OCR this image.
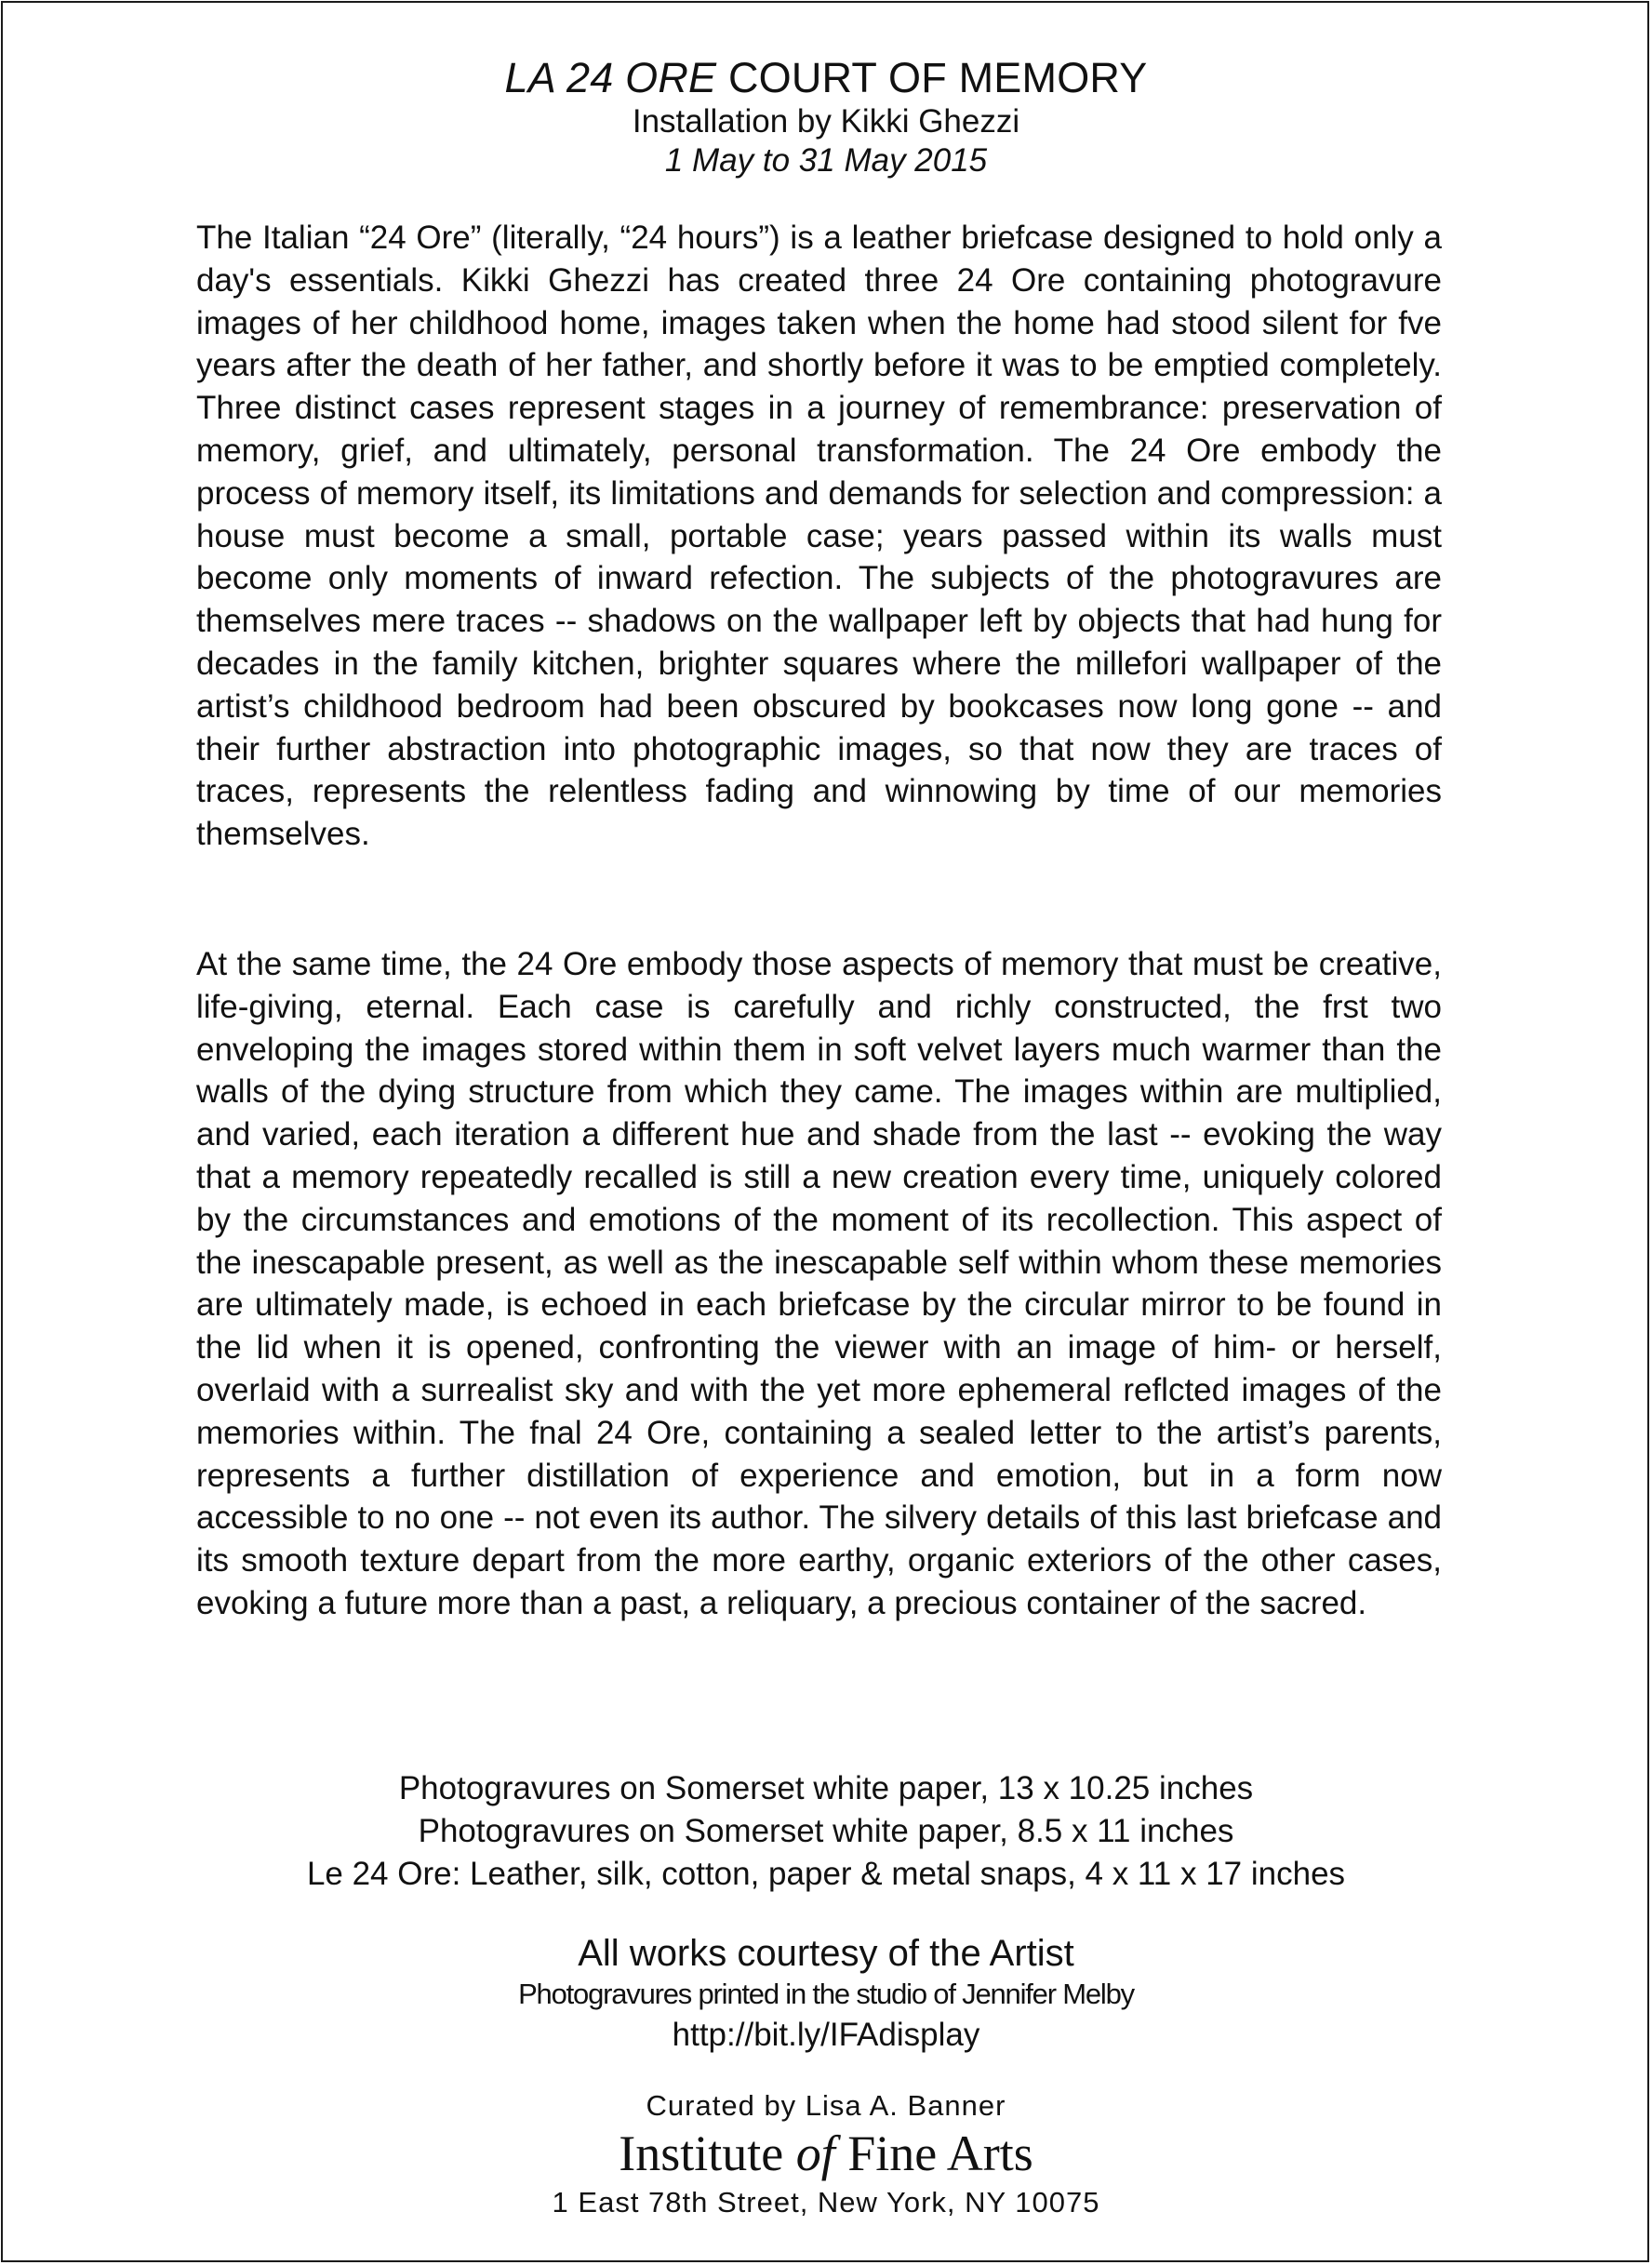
LA 24 ORE COURT OF MEMORY
Installation by Kikki Ghezzi
1 May to 31 May 2015

The Italian “24 Ore” (literally, “24 hours”) is a leather briefcase designed to hold only a day's essentials. Kikki Ghezzi has created three 24 Ore containing photogravure images of her childhood home, images taken when the home had stood silent for fve years after the death of her father, and shortly before it was to be emptied completely. Three distinct cases represent stages in a journey of remembrance: preservation of memory, grief, and ultimately, personal transformation. The 24 Ore embody the process of memory itself, its limitations and demands for selection and compression: a house must become a small, portable case; years passed within its walls must become only moments of inward refection. The subjects of the photogravures are themselves mere traces -- shadows on the wallpaper left by objects that had hung for decades in the family kitchen, brighter squares where the millefori wallpaper of the artist’s childhood bedroom had been obscured by bookcases now long gone -- and their further abstraction into photographic images, so that now they are traces of traces, represents the relentless fading and winnowing by time of our memories themselves.

At the same time, the 24 Ore embody those aspects of memory that must be creative, life-giving, eternal. Each case is carefully and richly constructed, the frst two enveloping the images stored within them in soft velvet layers much warmer than the walls of the dying structure from which they came. The images within are multiplied, and varied, each iteration a different hue and shade from the last -- evoking the way that a memory repeatedly recalled is still a new creation every time, uniquely colored by the circumstances and emotions of the moment of its recollection. This aspect of the inescapable present, as well as the inescapable self within whom these memories are ultimately made, is echoed in each briefcase by the circular mirror to be found in the lid when it is opened, confronting the viewer with an image of him- or herself, overlaid with a surrealist sky and with the yet more ephemeral reflcted images of the memories within. The fnal 24 Ore, containing a sealed letter to the artist’s parents, represents a further distillation of experience and emotion, but in a form now accessible to no one -- not even its author. The silvery details of this last briefcase and its smooth texture depart from the more earthy, organic exteriors of the other cases, evoking a future more than a past, a reliquary, a precious container of the sacred.

Photogravures on Somerset white paper, 13 x 10.25 inches
Photogravures on Somerset white paper, 8.5 x 11 inches
Le 24 Ore: Leather, silk, cotton, paper & metal snaps, 4 x 11 x 17 inches
All works courtesy of the Artist
Photogravures printed in the studio of Jennifer Melby
http://bit.ly/IFAdisplay
Curated by Lisa A. Banner
Institute of Fine Arts
1 East 78th Street, New York, NY 10075
